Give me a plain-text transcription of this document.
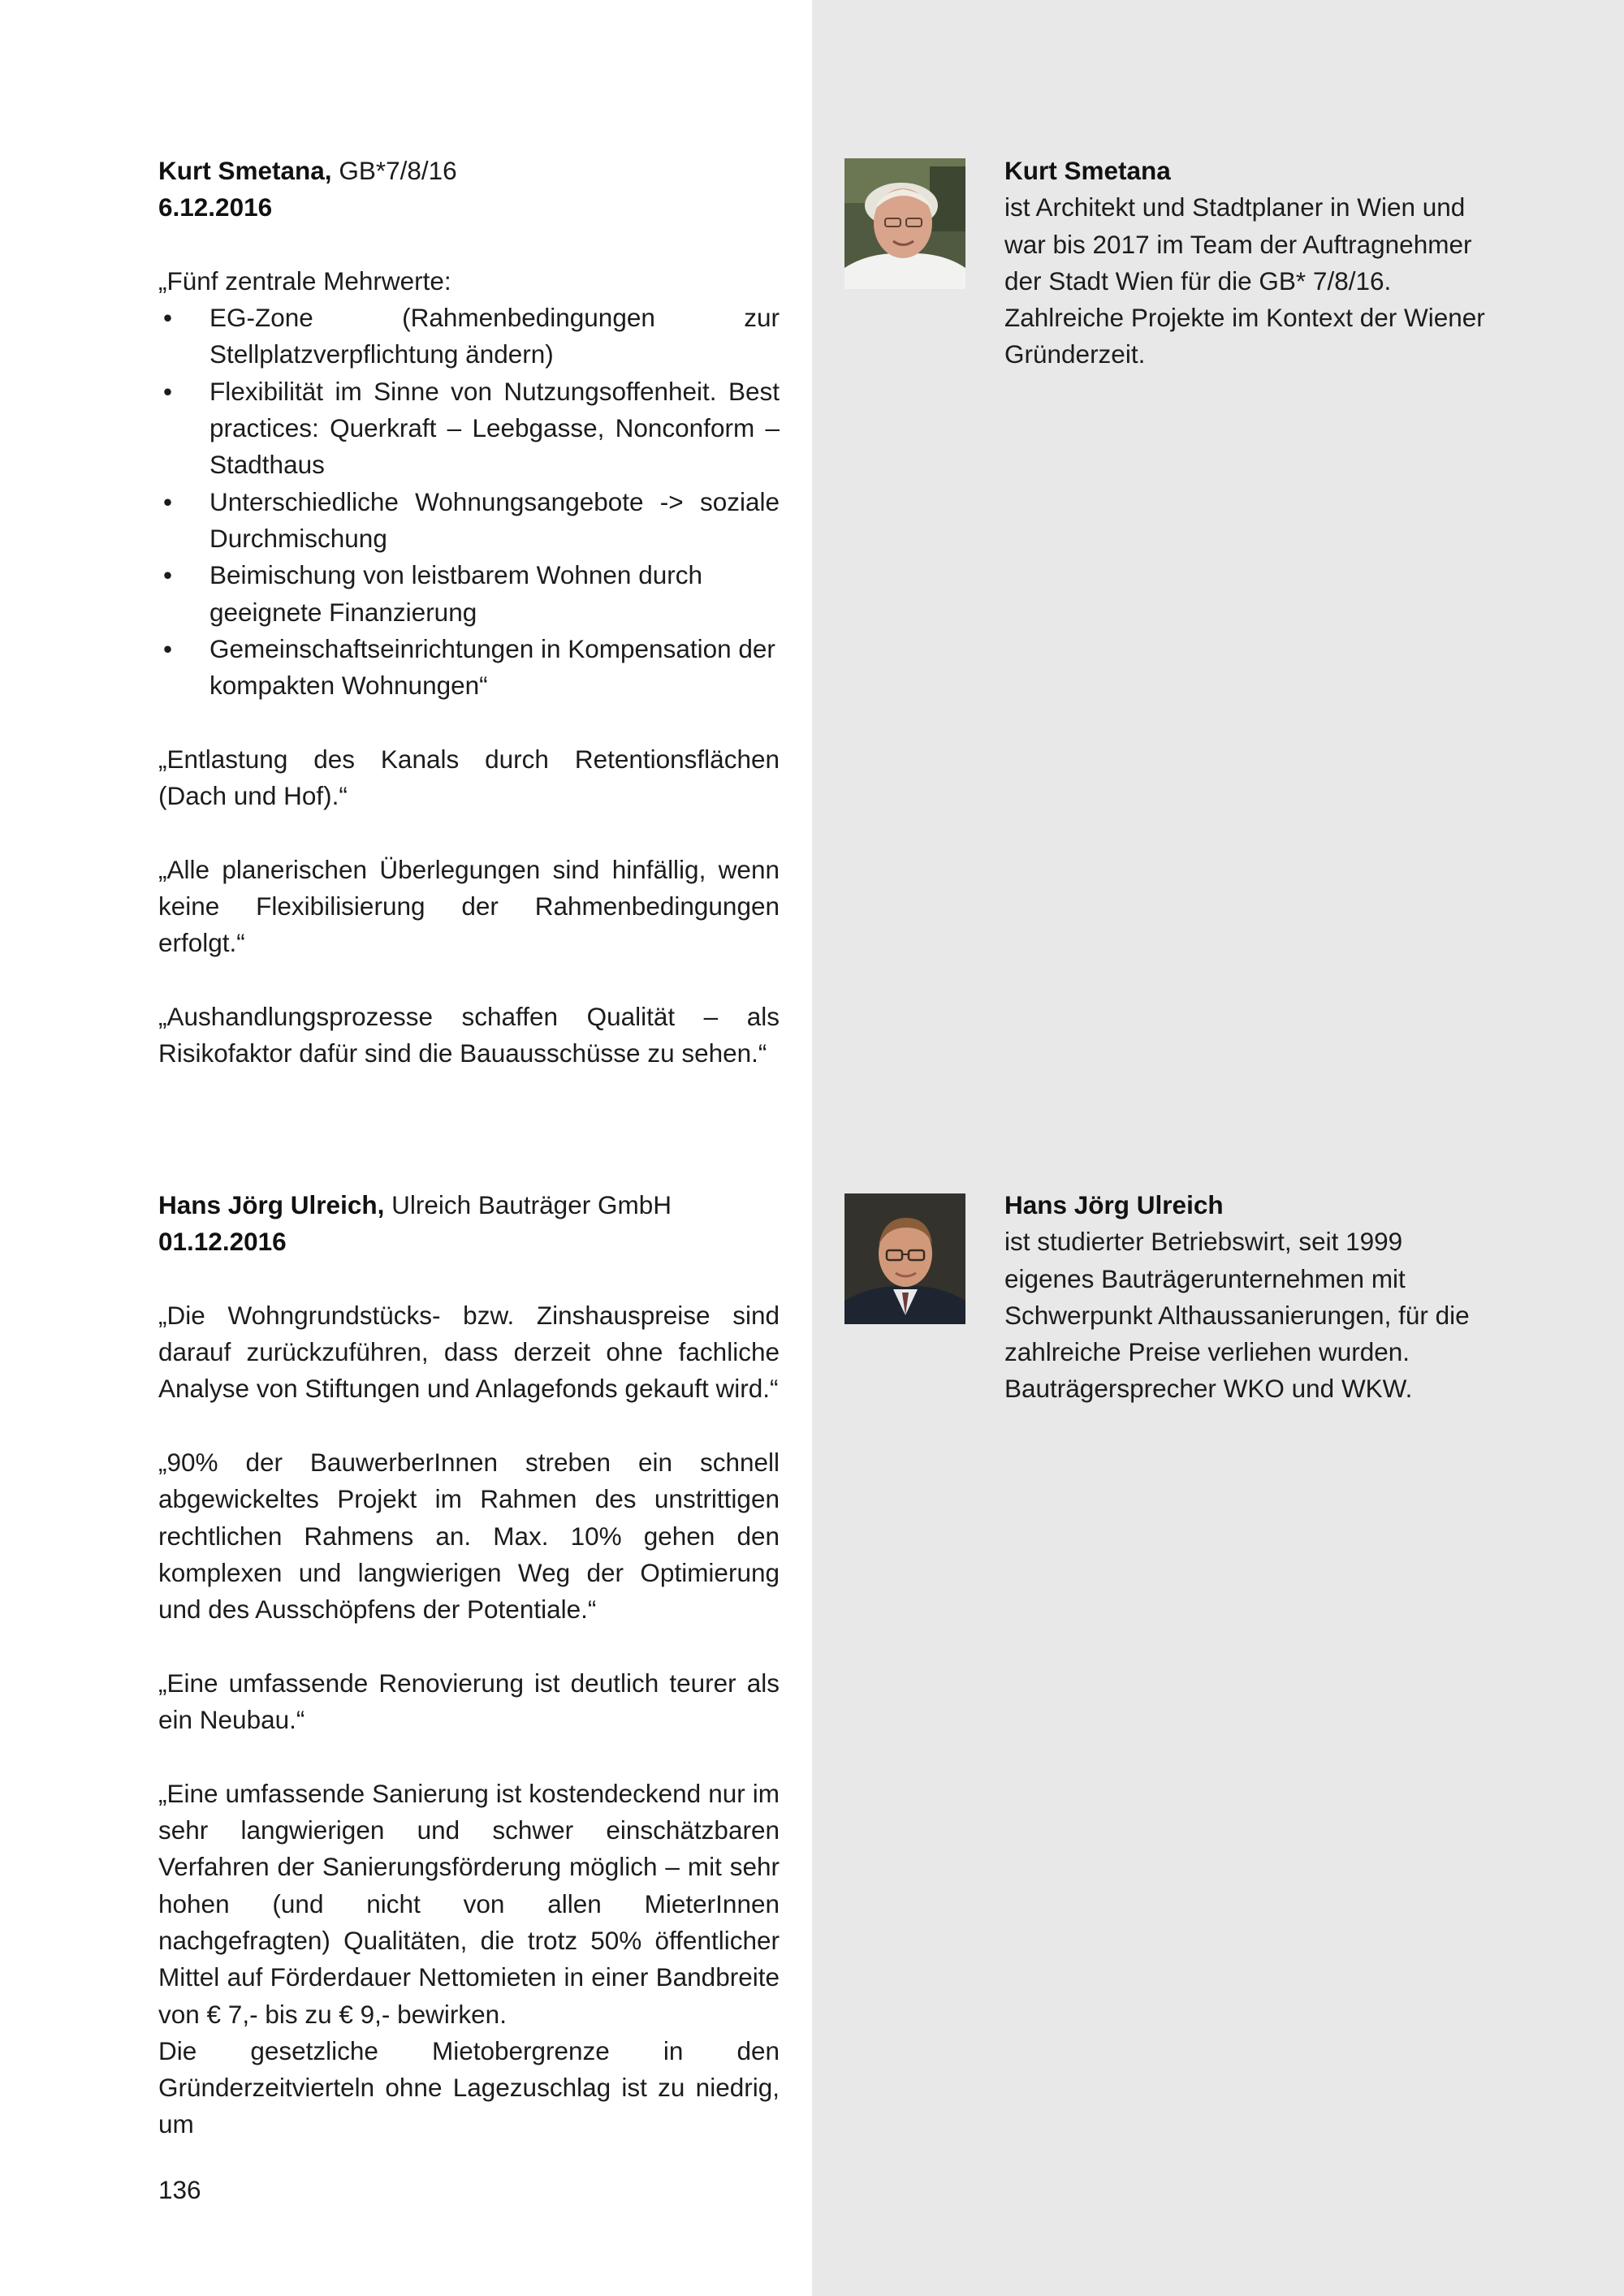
Kurt Smetana, GB*7/8/16

6.12.2016

„Fünf zentrale Mehrwerte:

• EG-Zone (Rahmenbedingungen zur Stellplatzverpflichtung ändern)
• Flexibilität im Sinne von Nutzungsoffenheit. Best practices: Querkraft – Leebgasse, Nonconform – Stadthaus
• Unterschiedliche Wohnungsangebote -> soziale Durchmischung
• Beimischung von leistbarem Wohnen durch geeignete Finanzierung
• Gemeinschaftseinrichtungen in Kompensation der kompakten Wohnungen“

„Entlastung des Kanals durch Retentionsflächen (Dach und Hof).“

„Alle planerischen Überlegungen sind hinfällig, wenn keine Flexibilisierung der Rahmenbedingungen erfolgt.“

„Aushandlungsprozesse schaffen Qualität – als Risikofaktor dafür sind die Bauausschüsse zu sehen.“

Kurt Smetana

ist Architekt und Stadtplaner in Wien und war bis 2017 im Team der Auftragnehmer der Stadt Wien für die GB* 7/8/16. Zahlreiche Projekte im Kontext der Wiener Gründerzeit.

Hans Jörg Ulreich, Ulreich Bauträger GmbH

01.12.2016

„Die Wohngrundstücks- bzw. Zinshauspreise sind darauf zurückzuführen, dass derzeit ohne fachliche Analyse von Stiftungen und Anlagefonds gekauft wird.“

„90% der BauwerberInnen streben ein schnell abgewickeltes Projekt im Rahmen des unstrittigen rechtlichen Rahmens an. Max. 10% gehen den komplexen und langwierigen Weg der Optimierung und des Ausschöpfens der Potentiale.“

„Eine umfassende Renovierung ist deutlich teurer als ein Neubau.“

„Eine umfassende Sanierung ist kostendeckend nur im sehr langwierigen und schwer einschätzbaren Verfahren der Sanierungsförderung möglich – mit sehr hohen (und nicht von allen MieterInnen nachgefragten) Qualitäten, die trotz 50% öffentlicher Mittel auf Förderdauer Nettomieten in einer Bandbreite von € 7,- bis zu € 9,- bewirken.

Die gesetzliche Mietobergrenze in den Gründerzeitvierteln ohne Lagezuschlag ist zu niedrig, um

Hans Jörg Ulreich

ist studierter Betriebswirt, seit 1999 eigenes Bauträgerunternehmen mit Schwerpunkt Althaussanierungen, für die zahlreiche Preise verliehen wurden. Bauträgersprecher WKO und WKW.

136
